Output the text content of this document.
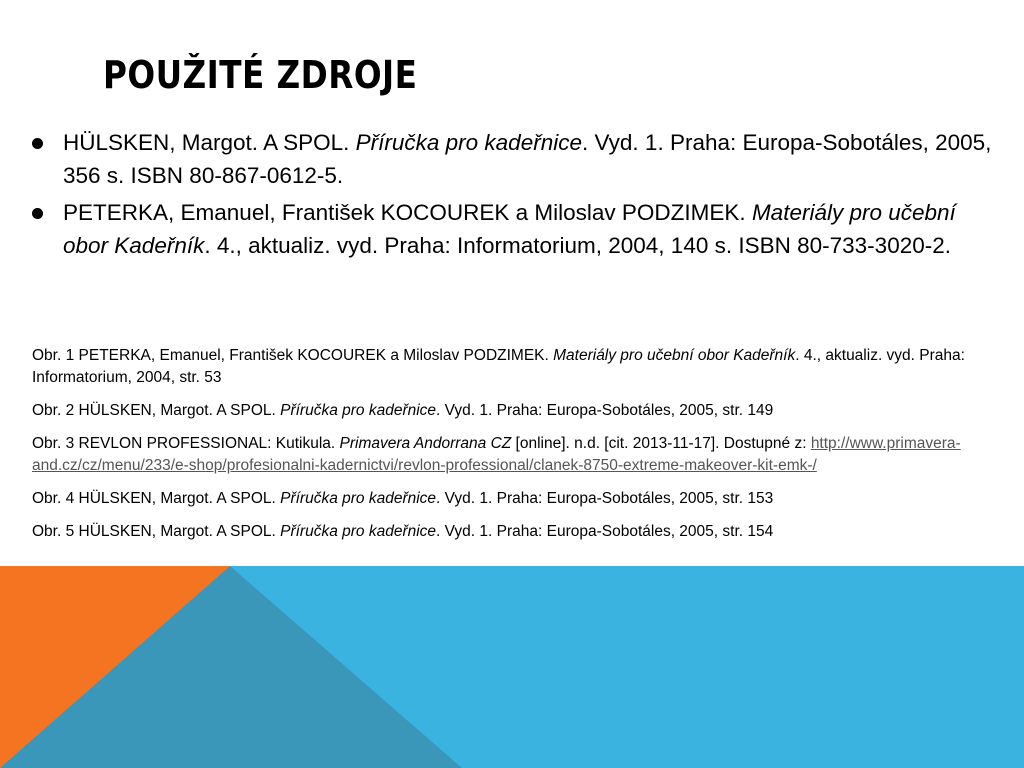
POUŽITÉ ZDROJE
HÜLSKEN, Margot. A SPOL. Příručka pro kadeřnice. Vyd. 1. Praha: Europa-Sobotáles, 2005, 356 s. ISBN 80-867-0612-5.
PETERKA, Emanuel, František KOCOUREK a Miloslav PODZIMEK. Materiály pro učební obor Kadeřník. 4., aktualiz. vyd. Praha: Informatorium, 2004, 140 s. ISBN 80-733-3020-2.

Obr. 1 PETERKA, Emanuel, František KOCOUREK a Miloslav PODZIMEK. Materiály pro učební obor Kadeřník. 4., aktualiz. vyd. Praha: Informatorium, 2004, str. 53

Obr. 2 HÜLSKEN, Margot. A SPOL. Příručka pro kadeřnice. Vyd. 1. Praha: Europa-Sobotáles, 2005, str. 149

Obr. 3 REVLON PROFESSIONAL: Kutikula. Primavera Andorrana CZ [online]. n.d. [cit. 2013-11-17]. Dostupné z: http://www.primavera-and.cz/cz/menu/233/e-shop/profesionalni-kadernictvi/revlon-professional/clanek-8750-extreme-makeover-kit-emk-/

Obr. 4 HÜLSKEN, Margot. A SPOL. Příručka pro kadeřnice. Vyd. 1. Praha: Europa-Sobotáles, 2005, str. 153

Obr. 5 HÜLSKEN, Margot. A SPOL. Příručka pro kadeřnice. Vyd. 1. Praha: Europa-Sobotáles, 2005, str. 154
